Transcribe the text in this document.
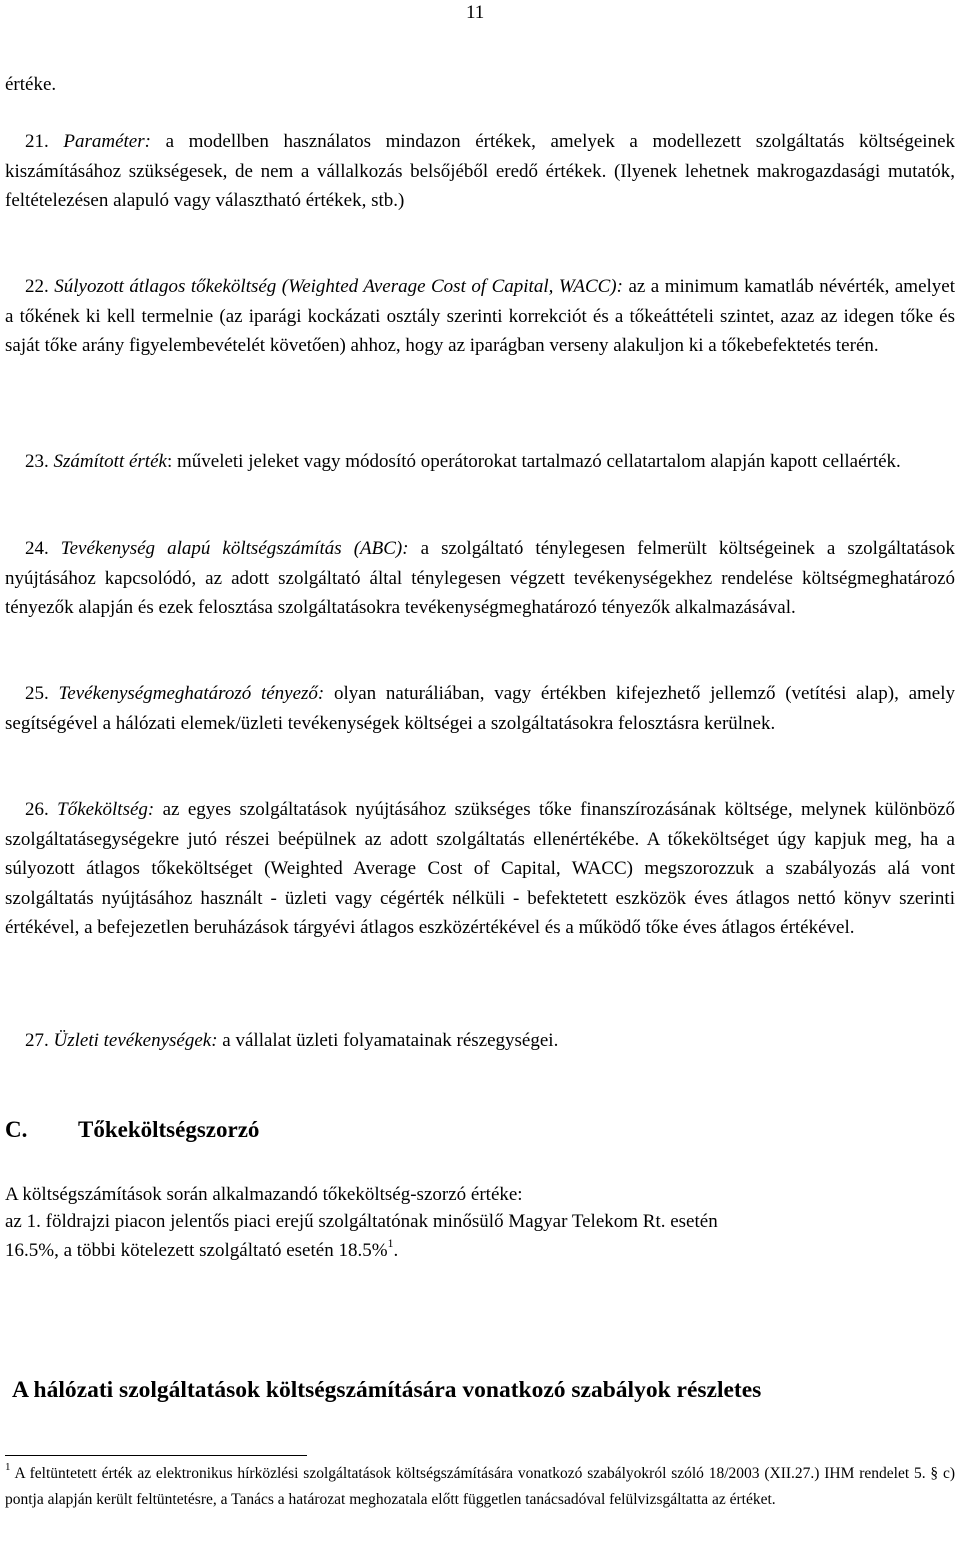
11
értéke.

21. Paraméter: a modellben használatos mindazon értékek, amelyek a modellezett szolgáltatás költségeinek kiszámításához szükségesek, de nem a vállalkozás belsőjéből eredő értékek. (Ilyenek lehetnek makrogazdasági mutatók, feltételezésen alapuló vagy választható értékek, stb.)

22. Súlyozott átlagos tőkeköltség (Weighted Average Cost of Capital, WACC): az a minimum kamatláb névérték, amelyet a tőkének ki kell termelnie (az iparági kockázati osztály szerinti korrekciót és a tőkeáttételi szintet, azaz az idegen tőke és saját tőke arány figyelembevételét követően) ahhoz, hogy az iparágban verseny alakuljon ki a tőkebefektetés terén.

23. Számított érték: műveleti jeleket vagy módosító operátorokat tartalmazó cellatartalom alapján kapott cellaérték.

24. Tevékenység alapú költségszámítás (ABC): a szolgáltató ténylegesen felmerült költségeinek a szolgáltatások nyújtásához kapcsolódó, az adott szolgáltató által ténylegesen végzett tevékenységekhez rendelése költségmeghatározó tényezők alapján és ezek felosztása szolgáltatásokra tevékenységmeghatározó tényezők alkalmazásával.

25. Tevékenységmeghatározó tényező: olyan naturáliában, vagy értékben kifejezhető jellemző (vetítési alap), amely segítségével a hálózati elemek/üzleti tevékenységek költségei a szolgáltatásokra felosztásra kerülnek.

26. Tőkeköltség: az egyes szolgáltatások nyújtásához szükséges tőke finanszírozásának költsége, melynek különböző szolgáltatásegységekre jutó részei beépülnek az adott szolgáltatás ellenértékébe. A tőkeköltséget úgy kapjuk meg, ha a súlyozott átlagos tőkeköltséget (Weighted Average Cost of Capital, WACC) megszorozzuk a szabályozás alá vont szolgáltatás nyújtásához használt - üzleti vagy cégérték nélküli - befektetett eszközök éves átlagos nettó könyv szerinti értékével, a befejezetlen beruházások tárgyévi átlagos eszközértékével és a működő tőke éves átlagos értékével.

27. Üzleti tevékenységek: a vállalat üzleti folyamatainak részegységei.

C. Tőkeköltségszorzó
A költségszámítások során alkalmazandó tőkeköltség-szorzó értéke:
az 1. földrajzi piacon jelentős piaci erejű szolgáltatónak minősülő Magyar Telekom Rt. esetén
16.5%, a többi kötelezett szolgáltató esetén 18.5%$^1$.
A hálózati szolgáltatások költségszámítására vonatkozó szabályok részletes

$^1$ A feltüntetett érték az elektronikus hírközlési szolgáltatások költségszámítására vonatkozó szabályokról szóló 18/2003 (XII.27.) IHM rendelet 5. § c) pontja alapján került feltüntetésre, a Tanács a határozat meghozatala előtt független tanácsadóval felülvizsgáltatta az értéket.
